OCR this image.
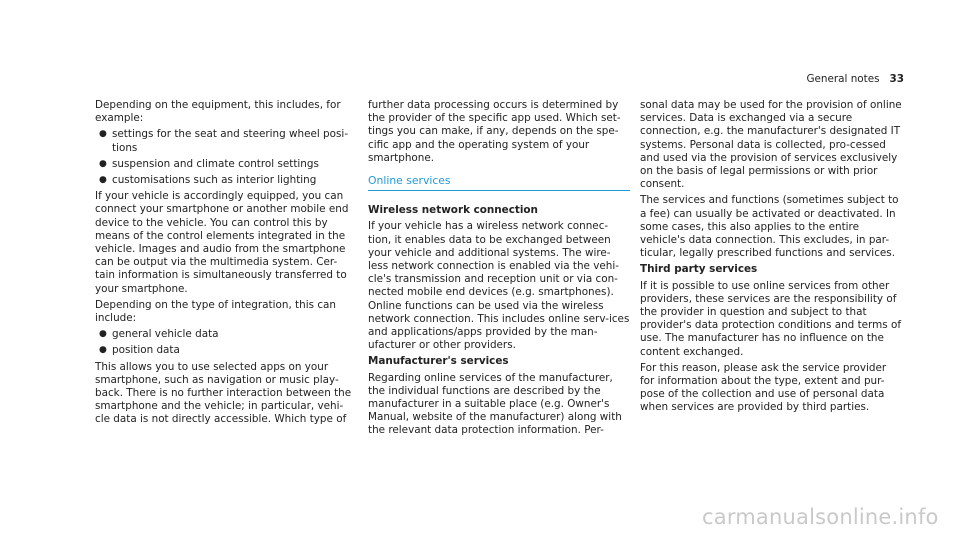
General notes 33

Depending on the equipment, this includes, for example:

● settings for the seat and steering wheel posi-tions
● suspension and climate control settings
● customisations such as interior lighting

If your vehicle is accordingly equipped, you can connect your smartphone or another mobile end device to the vehicle. You can control this by means of the control elements integrated in the vehicle. Images and audio from the smartphone can be output via the multimedia system. Cer-tain information is simultaneously transferred to your smartphone.

Depending on the type of integration, this can include:

● general vehicle data
● position data

This allows you to use selected apps on your smartphone, such as navigation or music play-back. There is no further interaction between the smartphone and the vehicle; in particular, vehi-cle data is not directly accessible. Which type of

further data processing occurs is determined by the provider of the specific app used. Which set-tings you can make, if any, depends on the spe-cific app and the operating system of your smartphone.

Online services

Wireless network connection

If your vehicle has a wireless network connec-tion, it enables data to be exchanged between your vehicle and additional systems. The wire-less network connection is enabled via the vehi-cle's transmission and reception unit or via con-nected mobile end devices (e.g. smartphones). Online functions can be used via the wireless network connection. This includes online serv-ices and applications/apps provided by the man-ufacturer or other providers.

Manufacturer's services

Regarding online services of the manufacturer, the individual functions are described by the manufacturer in a suitable place (e.g. Owner's Manual, website of the manufacturer) along with the relevant data protection information. Per-

sonal data may be used for the provision of online services. Data is exchanged via a secure connection, e.g. the manufacturer's designated IT systems. Personal data is collected, pro-cessed and used via the provision of services exclusively on the basis of legal permissions or with prior consent.

The services and functions (sometimes subject to a fee) can usually be activated or deactivated. In some cases, this also applies to the entire vehicle's data connection. This excludes, in par-ticular, legally prescribed functions and services.

Third party services

If it is possible to use online services from other providers, these services are the responsibility of the provider in question and subject to that provider's data protection conditions and terms of use. The manufacturer has no influence on the content exchanged.

For this reason, please ask the service provider for information about the type, extent and pur-pose of the collection and use of personal data when services are provided by third parties.

carmanualsonline.info
